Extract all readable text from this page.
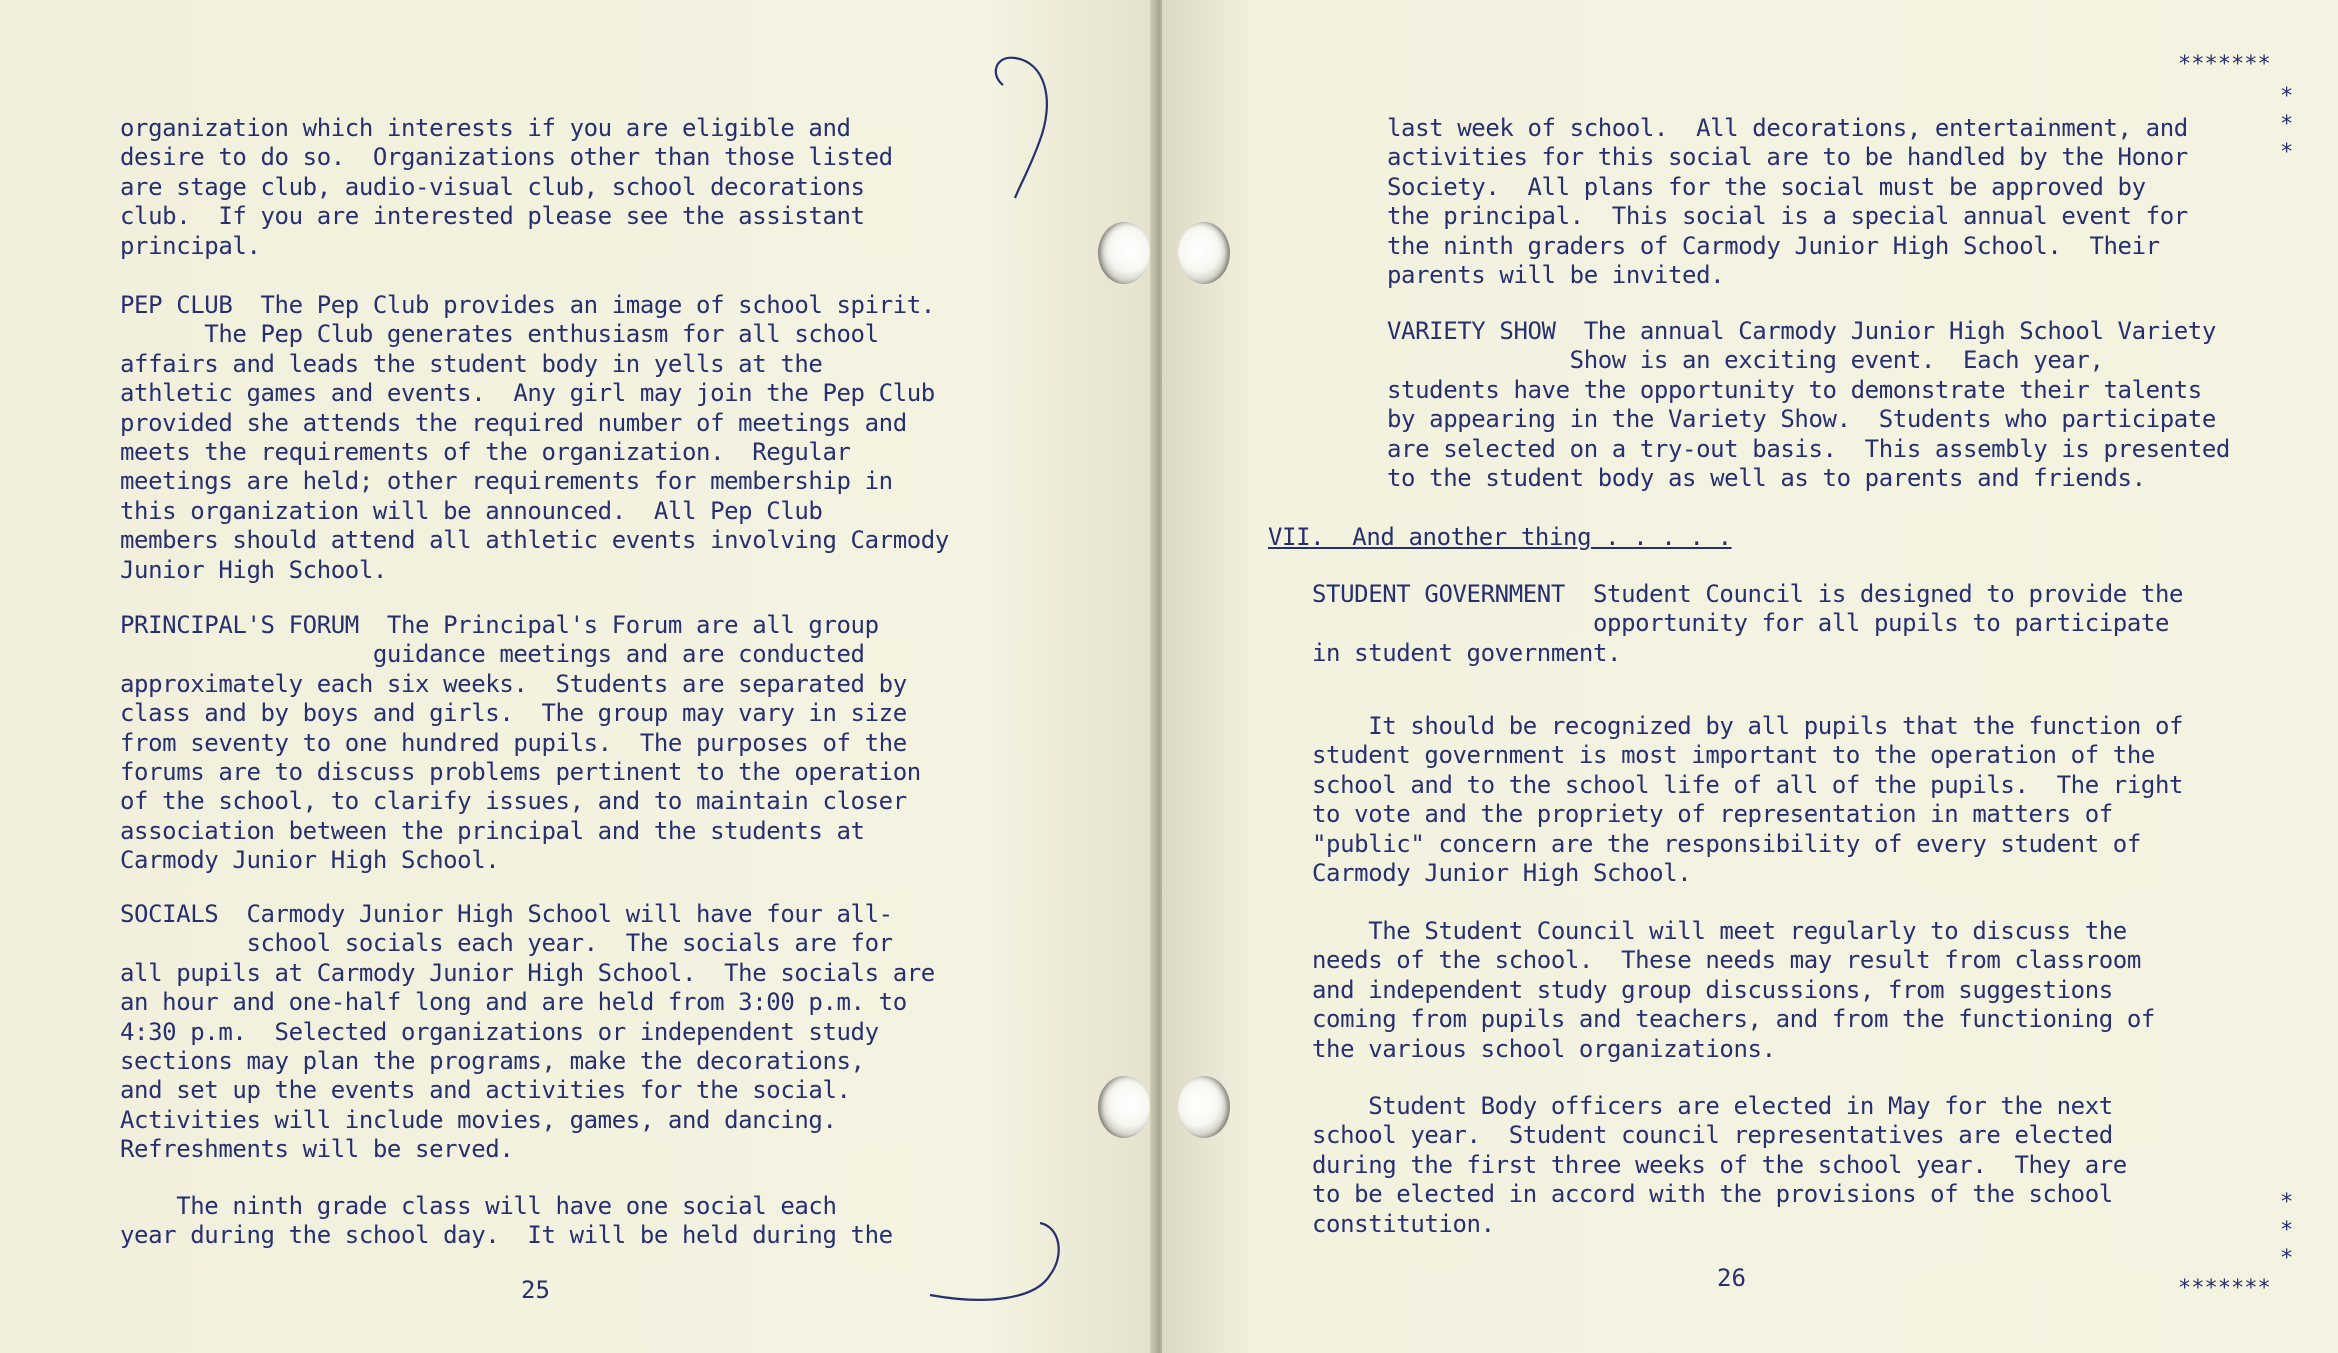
organization which interests if you are eligible and
desire to do so.  Organizations other than those listed
are stage club, audio-visual club, school decorations
club.  If you are interested please see the assistant
principal.

PEP CLUB  The Pep Club provides an image of school spirit.
The Pep Club generates enthusiasm for all school
affairs and leads the student body in yells at the
athletic games and events.  Any girl may join the Pep Club
provided she attends the required number of meetings and
meets the requirements of the organization.  Regular
meetings are held; other requirements for membership in
this organization will be announced.  All Pep Club
members should attend all athletic events involving Carmody
Junior High School.

PRINCIPAL'S FORUM  The Principal's Forum are all group
guidance meetings and are conducted
approximately each six weeks.  Students are separated by
class and by boys and girls.  The group may vary in size
from seventy to one hundred pupils.  The purposes of the
forums are to discuss problems pertinent to the operation
of the school, to clarify issues, and to maintain closer
association between the principal and the students at
Carmody Junior High School.

SOCIALS  Carmody Junior High School will have four all-
school socials each year.  The socials are for
all pupils at Carmody Junior High School.  The socials are
an hour and one-half long and are held from 3:00 p.m. to
4:30 p.m.  Selected organizations or independent study
sections may plan the programs, make the decorations,
and set up the events and activities for the social.
Activities will include movies, games, and dancing.
Refreshments will be served.

The ninth grade class will have one social each
year during the school day.  It will be held during the

25
*******
*
*
*
*
*
*
*******

last week of school.  All decorations, entertainment, and
activities for this social are to be handled by the Honor
Society.  All plans for the social must be approved by
the principal.  This social is a special annual event for
the ninth graders of Carmody Junior High School.  Their
parents will be invited.

VARIETY SHOW  The annual Carmody Junior High School Variety
Show is an exciting event.  Each year,
students have the opportunity to demonstrate their talents
by appearing in the Variety Show.  Students who participate
are selected on a try-out basis.  This assembly is presented
to the student body as well as to parents and friends.

VII.  And another thing . . . . .

STUDENT GOVERNMENT  Student Council is designed to provide the
opportunity for all pupils to participate
in student government.

It should be recognized by all pupils that the function of
student government is most important to the operation of the
school and to the school life of all of the pupils.  The right
to vote and the propriety of representation in matters of
"public" concern are the responsibility of every student of
Carmody Junior High School.

The Student Council will meet regularly to discuss the
needs of the school.  These needs may result from classroom
and independent study group discussions, from suggestions
coming from pupils and teachers, and from the functioning of
the various school organizations.

Student Body officers are elected in May for the next
school year.  Student council representatives are elected
during the first three weeks of the school year.  They are
to be elected in accord with the provisions of the school
constitution.

26
